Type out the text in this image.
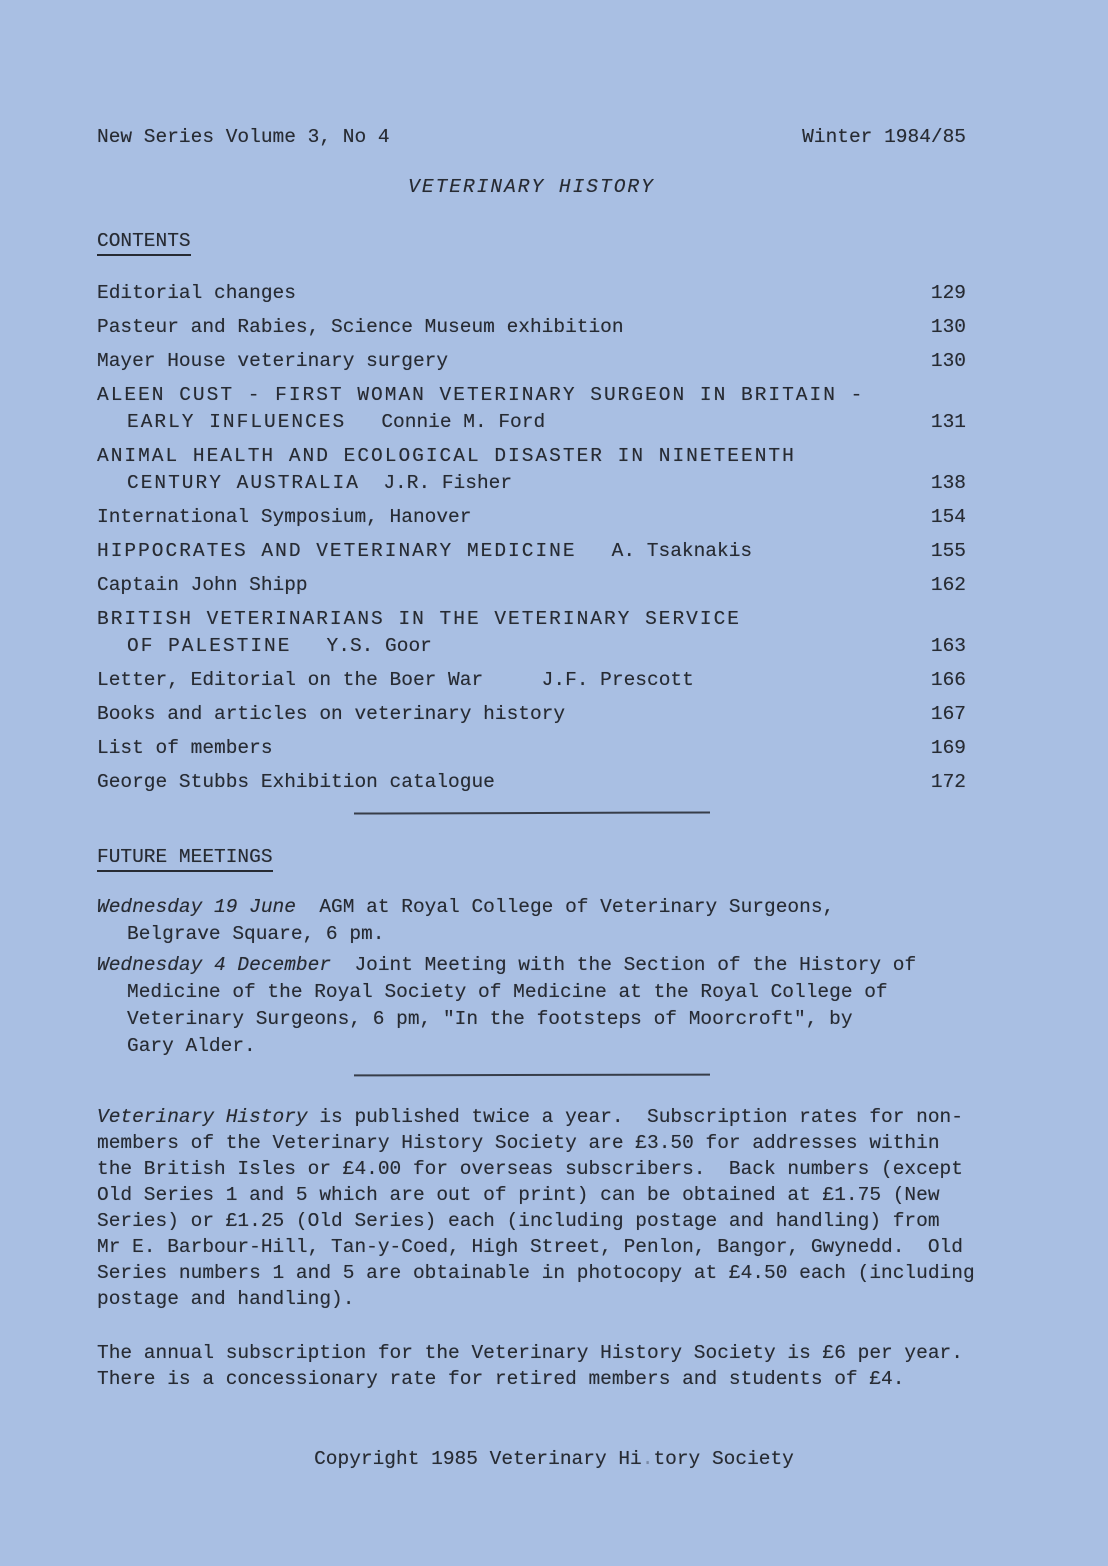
New Series Volume 3, No 4	Winter 1984/85
VETERINARY HISTORY
CONTENTS
Editorial changes	129
Pasteur and Rabies, Science Museum exhibition	130
Mayer House veterinary surgery	130
ALEEN CUST - FIRST WOMAN VETERINARY SURGEON IN BRITAIN -
EARLY INFLUENCES   Connie M. Ford	131
ANIMAL HEALTH AND ECOLOGICAL DISASTER IN NINETEENTH
CENTURY AUSTRALIA  J.R. Fisher	138
International Symposium, Hanover	154
HIPPOCRATES AND VETERINARY MEDICINE   A. Tsaknakis	155
Captain John Shipp	162
BRITISH VETERINARIANS IN THE VETERINARY SERVICE
OF PALESTINE   Y.S. Goor	163
Letter, Editorial on the Boer War     J.F. Prescott	166
Books and articles on veterinary history	167
List of members	169
George Stubbs Exhibition catalogue	172
FUTURE MEETINGS
Wednesday 19 June  AGM at Royal College of Veterinary Surgeons,
Belgrave Square, 6 pm.
Wednesday 4 December  Joint Meeting with the Section of the History of
Medicine of the Royal Society of Medicine at the Royal College of
Veterinary Surgeons, 6 pm, "In the footsteps of Moorcroft", by
Gary Alder.
Veterinary History is published twice a year.  Subscription rates for non-
members of the Veterinary History Society are £3.50 for addresses within
the British Isles or £4.00 for overseas subscribers.  Back numbers (except
Old Series 1 and 5 which are out of print) can be obtained at £1.75 (New
Series) or £1.25 (Old Series) each (including postage and handling) from
Mr E. Barbour-Hill, Tan-y-Coed, High Street, Penlon, Bangor, Gwynedd.  Old
Series numbers 1 and 5 are obtainable in photocopy at £4.50 each (including
postage and handling).
The annual subscription for the Veterinary History Society is £6 per year.
There is a concessionary rate for retired members and students of £4.
Copyright 1985 Veterinary Hi.tory Society
